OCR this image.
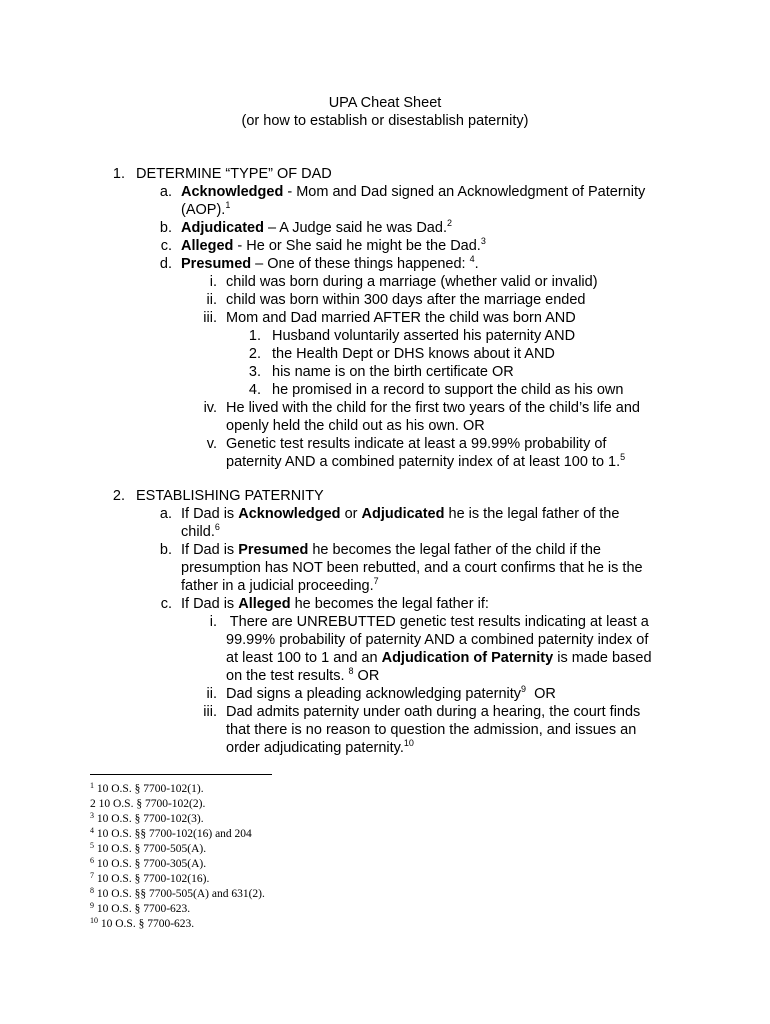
UPA Cheat Sheet
(or how to establish or disestablish paternity)
1. DETERMINE “TYPE” OF DAD
a. Acknowledged - Mom and Dad signed an Acknowledgment of Paternity
(AOP).$^1$
b. Adjudicated – A Judge said he was Dad.$^2$
c. Alleged - He or She said he might be the Dad.$^3$
d. Presumed – One of these things happened: $^4$.
i. child was born during a marriage (whether valid or invalid)
ii. child was born within 300 days after the marriage ended
iii. Mom and Dad married AFTER the child was born AND
1. Husband voluntarily asserted his paternity AND
2. the Health Dept or DHS knows about it AND
3. his name is on the birth certificate OR
4. he promised in a record to support the child as his own
iv. He lived with the child for the first two years of the child’s life and
openly held the child out as his own. OR
v. Genetic test results indicate at least a 99.99% probability of
paternity AND a combined paternity index of at least 100 to 1.$^5$
2. ESTABLISHING PATERNITY
a. If Dad is Acknowledged or Adjudicated he is the legal father of the
child.$^6$
b. If Dad is Presumed he becomes the legal father of the child if the
presumption has NOT been rebutted, and a court confirms that he is the
father in a judicial proceeding.$^7$
c. If Dad is Alleged he becomes the legal father if:
i. There are UNREBUTTED genetic test results indicating at least a
99.99% probability of paternity AND a combined paternity index of
at least 100 to 1 and an Adjudication of Paternity is made based
on the test results. $^8$ OR
ii. Dad signs a pleading acknowledging paternity$^9$  OR
iii. Dad admits paternity under oath during a hearing, the court finds
that there is no reason to question the admission, and issues an
order adjudicating paternity.$^{10}$
$^1$ 10 O.S. § 7700-102(1).
2 10 O.S. § 7700-102(2).
$^3$ 10 O.S. § 7700-102(3).
$^4$ 10 O.S. §§ 7700-102(16) and 204
$^5$ 10 O.S. § 7700-505(A).
$^6$ 10 O.S. § 7700-305(A).
$^7$ 10 O.S. § 7700-102(16).
$^8$ 10 O.S. §§ 7700-505(A) and 631(2).
$^9$ 10 O.S. § 7700-623.
$^{10}$ 10 O.S. § 7700-623.
